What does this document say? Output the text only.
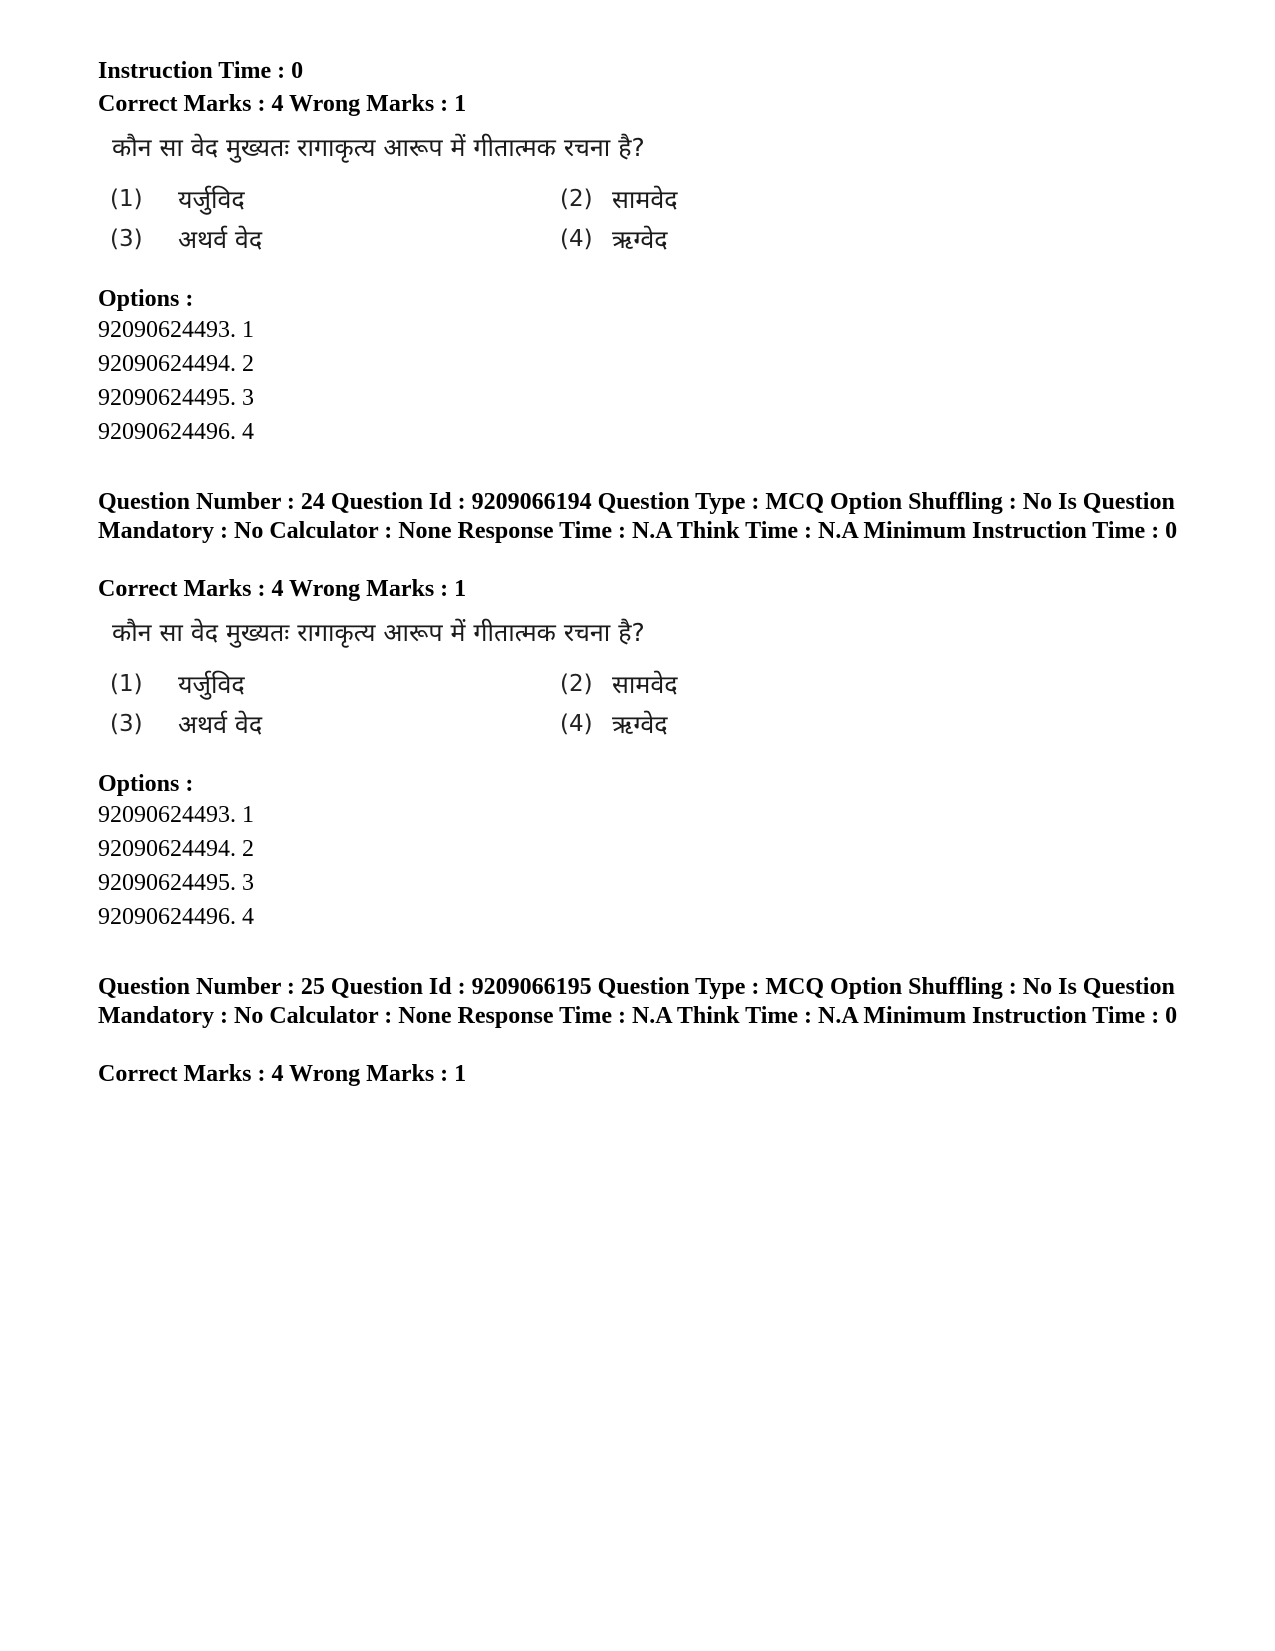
Instruction Time : 0
Correct Marks : 4 Wrong Marks : 1
कौन सा वेद मुख्यतः रागाकृत्य आरूप में गीतात्मक रचना है?
(1) यर्जुविद	(2) सामवेद
(3) अथर्व वेद	(4) ऋग्वेद
Options :
92090624493. 1
92090624494. 2
92090624495. 3
92090624496. 4
Question Number : 24 Question Id : 9209066194 Question Type : MCQ Option Shuffling : No Is Question Mandatory : No Calculator : None Response Time : N.A Think Time : N.A Minimum Instruction Time : 0
Correct Marks : 4 Wrong Marks : 1
कौन सा वेद मुख्यतः रागाकृत्य आरूप में गीतात्मक रचना है?
(1) यर्जुविद	(2) सामवेद
(3) अथर्व वेद	(4) ऋग्वेद
Options :
92090624493. 1
92090624494. 2
92090624495. 3
92090624496. 4
Question Number : 25 Question Id : 9209066195 Question Type : MCQ Option Shuffling : No Is Question Mandatory : No Calculator : None Response Time : N.A Think Time : N.A Minimum Instruction Time : 0
Correct Marks : 4 Wrong Marks : 1
